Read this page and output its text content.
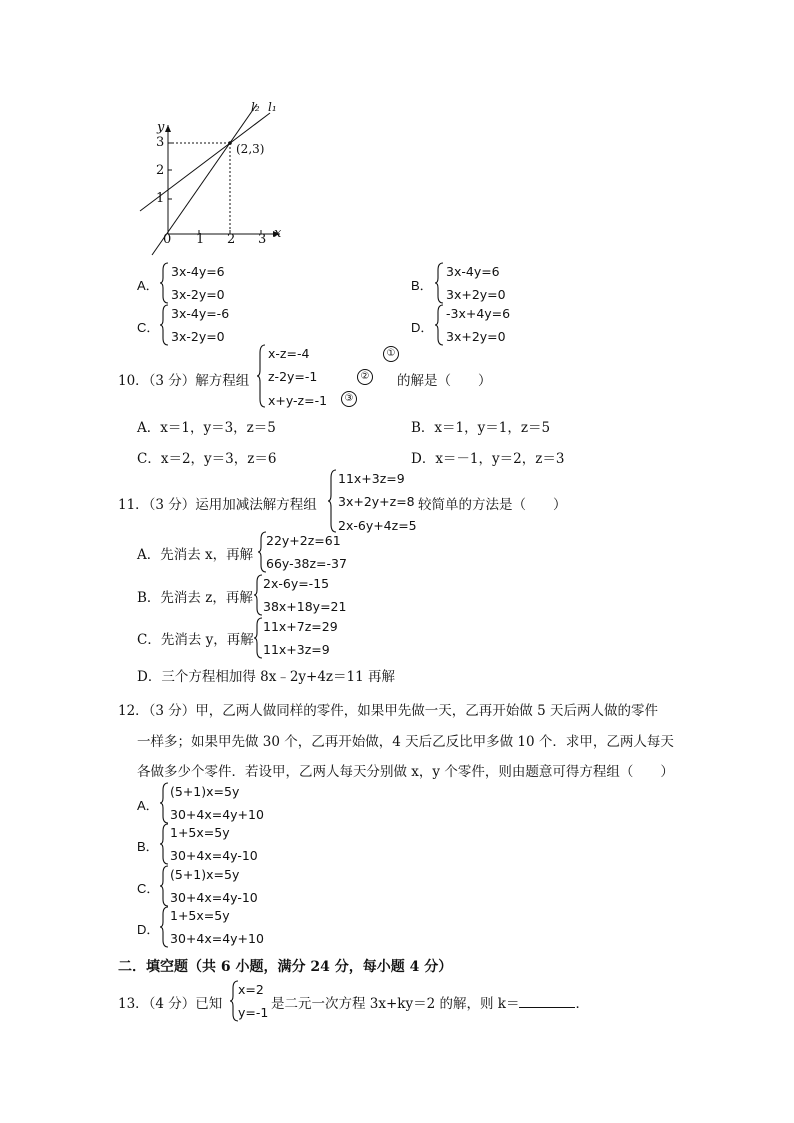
y
x
0 1 2 3
1
2
3	(2,3)
l₂ l₁
A．
3x-4y=6
3x-2y=0
B．
3x-4y=6
3x+2y=0
C．
3x-4y=-6
3x-2y=0
D．
-3x+4y=6
3x+2y=0
10．（3 分）解方程组
x-z=-4
z-2y=-1
x+y-z=-1
①
②
③
的解是（　　）
A．x＝1，y＝3，z＝5	B．x＝1，y＝1，z＝5
C．x＝2，y＝3，z＝6	D．x＝－1，y＝2，z＝3
11．（3 分）运用加减法解方程组
11x+3z=9
3x+2y+z=8
2x-6y+4z=5
较简单的方法是（　　）
A．先消去 x，再解
22y+2z=61
66y-38z=-37
B．先消去 z，再解
2x-6y=-15
38x+18y=21
C．先消去 y，再解
11x+7z=29
11x+3z=9
D．三个方程相加得 8x﹣2y+4z＝11 再解
12．（3 分）甲，乙两人做同样的零件，如果甲先做一天，乙再开始做 5 天后两人做的零件
一样多；如果甲先做 30 个，乙再开始做，4 天后乙反比甲多做 10 个．求甲，乙两人每天
各做多少个零件．若设甲，乙两人每天分别做 x，y 个零件，则由题意可得方程组（　　）
A．
(5+1)x=5y
30+4x=4y+10
B．
1+5x=5y
30+4x=4y-10
C．
(5+1)x=5y
30+4x=4y-10
D．
1+5x=5y
30+4x=4y+10
二．填空题（共 6 小题，满分 24 分，每小题 4 分）
13．（4 分）已知
x=2
y=-1
是二元一次方程 3x+ky＝2 的解，则 k＝	．
